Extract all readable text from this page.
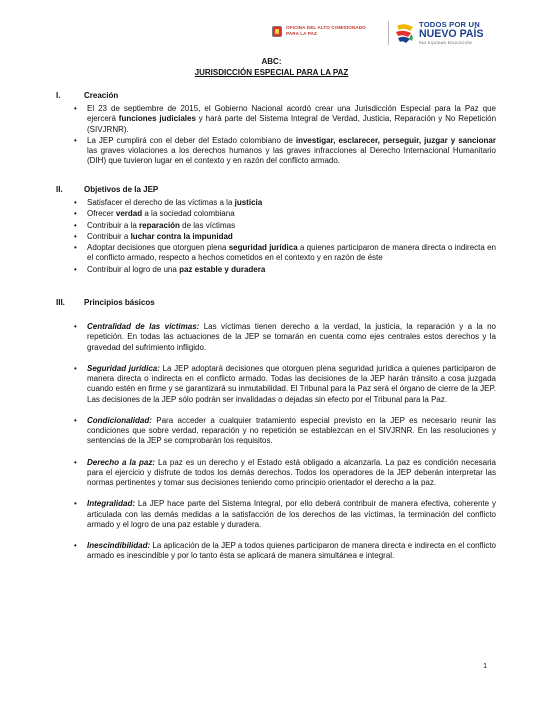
OFICINA DEL ALTO COMISIONADO
PARA LA PAZ
TODOS POR UN
NUEVO PAÍS
PAZ EQUIDAD EDUCACIÓN
ABC:
JURISDICCIÓN ESPECIAL PARA LA PAZ
I.	Creación
• El 23 de septiembre de 2015, el Gobierno Nacional acordó crear una Jurisdicción Especial para la Paz que ejercerá funciones judiciales y hará parte del Sistema Integral de Verdad, Justicia, Reparación y No Repetición (SIVJRNR).
• La JEP cumplirá con el deber del Estado colombiano de investigar, esclarecer, perseguir, juzgar y sancionar las graves violaciones a los derechos humanos y las graves infracciones al Derecho Internacional Humanitario (DIH) que tuvieron lugar en el contexto y en razón del conflicto armado.
II.	Objetivos de la JEP
• Satisfacer el derecho de las víctimas a la justicia
• Ofrecer verdad a la sociedad colombiana
• Contribuir a la reparación de las víctimas
• Contribuir a luchar contra la impunidad
• Adoptar decisiones que otorguen plena seguridad jurídica a quienes participaron de manera directa o indirecta en el conflicto armado, respecto a hechos cometidos en el contexto y en razón de éste
• Contribuir al logro de una paz estable y duradera
III.	Principios básicos
• Centralidad de las víctimas: Las víctimas tienen derecho a la verdad, la justicia, la reparación y a la no repetición. En todas las actuaciones de la JEP se tomarán en cuenta como ejes centrales estos derechos y la gravedad del sufrimiento infligido.
• Seguridad jurídica: La JEP adoptará decisiones que otorguen plena seguridad jurídica a quienes participaron de manera directa o indirecta en el conflicto armado. Todas las decisiones de la JEP harán tránsito a cosa juzgada cuando estén en firme y se garantizará su inmutabilidad. El Tribunal para la Paz será el órgano de cierre de la JEP. Las decisiones de la JEP sólo podrán ser invalidadas o dejadas sin efecto por el Tribunal para la Paz.
• Condicionalidad: Para acceder a cualquier tratamiento especial previsto en la JEP es necesario reunir las condiciones que sobre verdad, reparación y no repetición se establezcan en el SIVJRNR. En las resoluciones y sentencias de la JEP se comprobarán los requisitos.
• Derecho a la paz: La paz es un derecho y el Estado está obligado a alcanzarla. La paz es condición necesaria para el ejercicio y disfrute de todos los demás derechos. Todos los operadores de la JEP deberán interpretar las normas pertinentes y tomar sus decisiones teniendo como principio orientador el derecho a la paz.
• Integralidad: La JEP hace parte del Sistema Integral, por ello deberá contribuir de manera efectiva, coherente y articulada con las demás medidas a la satisfacción de los derechos de las víctimas, la terminación del conflicto armado y el logro de una paz estable y duradera.
• Inescindibilidad: La aplicación de la JEP a todos quienes participaron de manera directa e indirecta en el conflicto armado es inescindible y por lo tanto ésta se aplicará de manera simultánea e integral.
1
